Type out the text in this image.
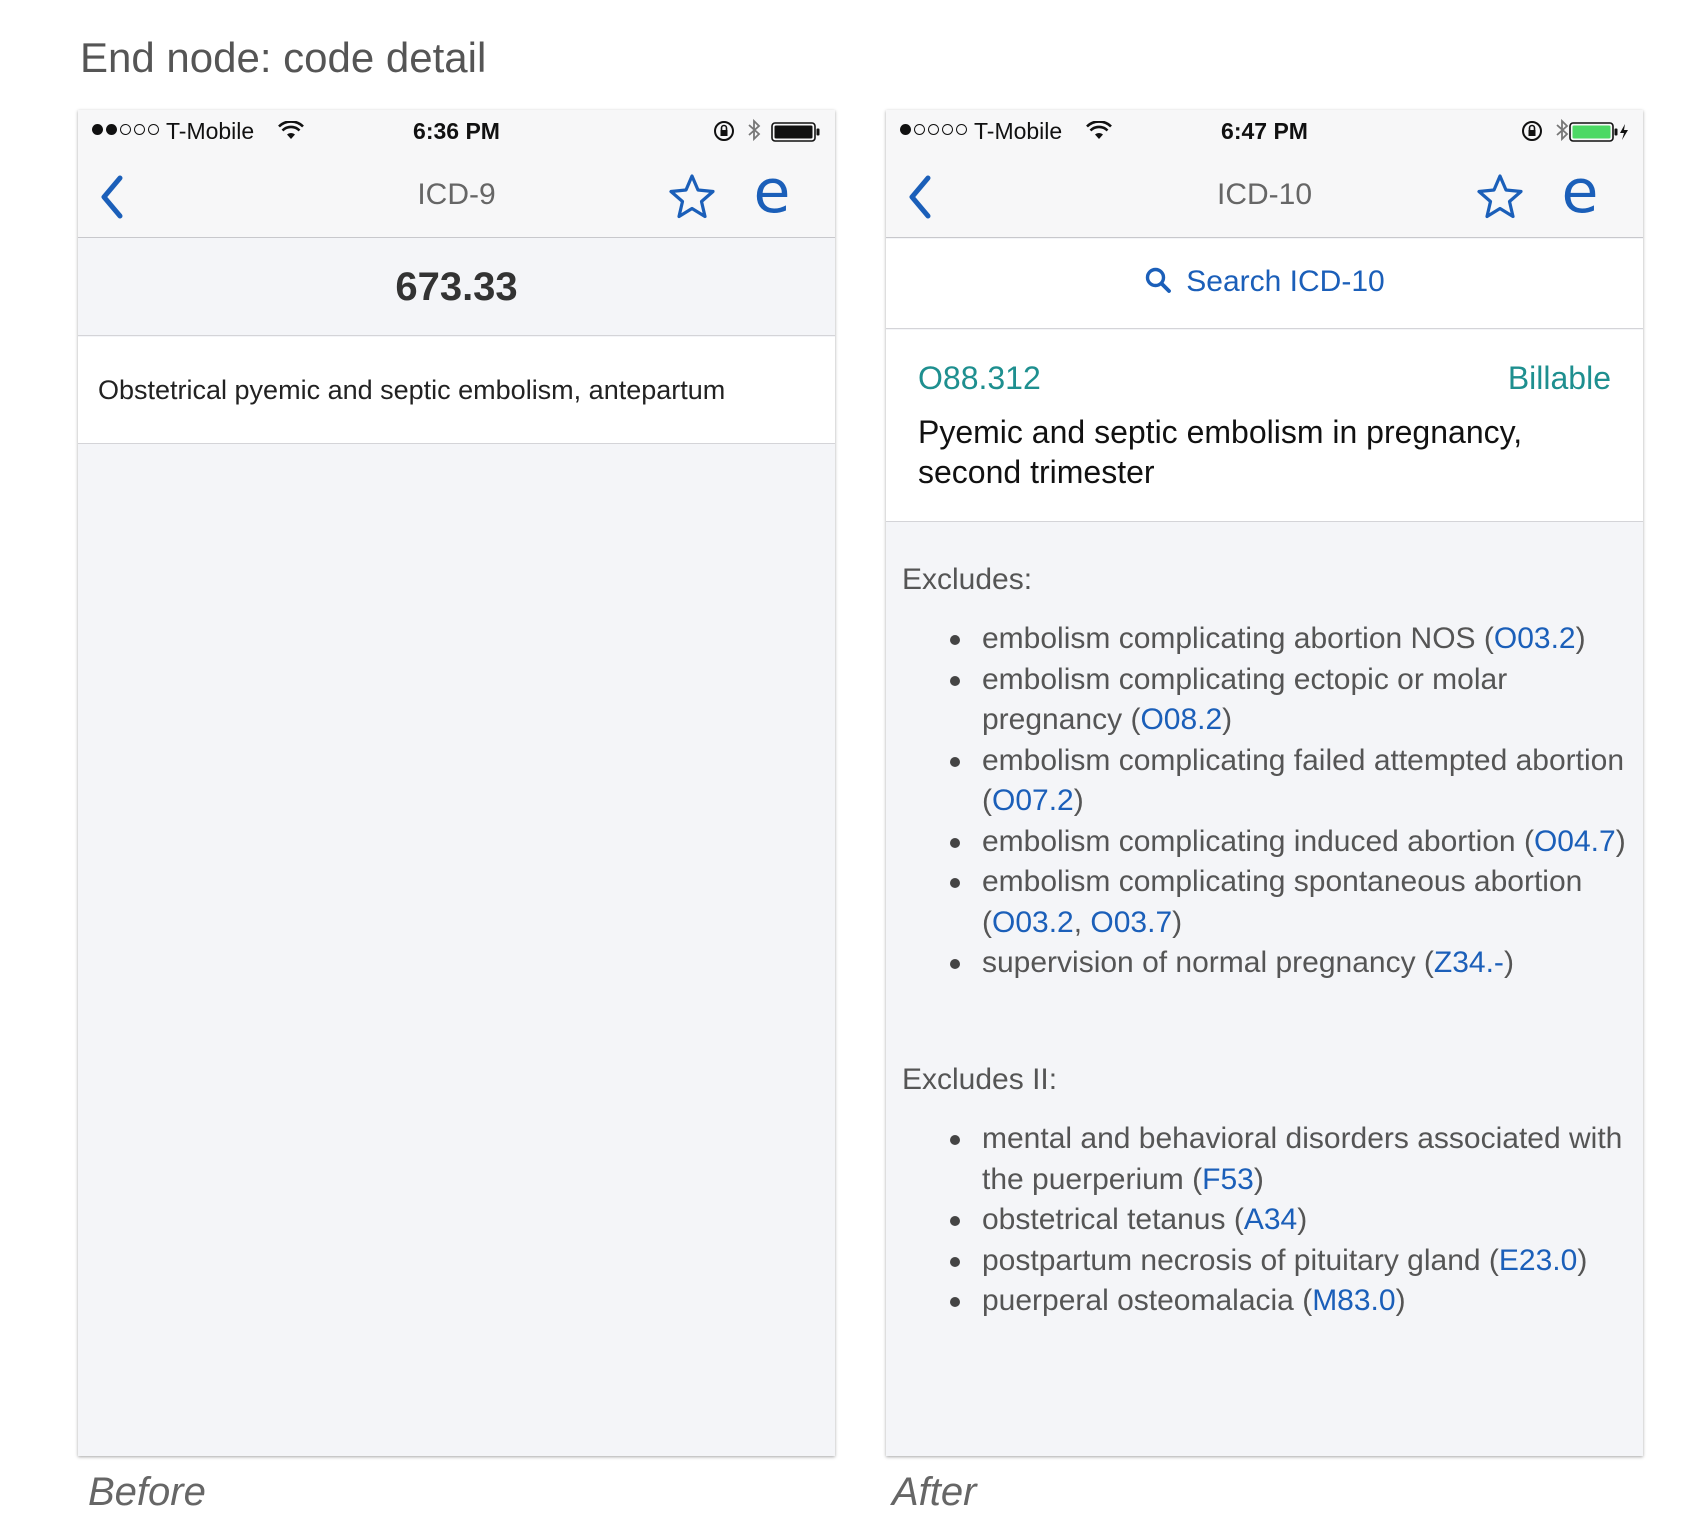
End node: code detail
T-Mobile	6:36 PM
ICD-9	e
673.33
Obstetrical pyemic and septic embolism, antepartum
T-Mobile	6:47 PM
ICD-10	e
Search ICD-10
O88.312	Billable
Pyemic and septic embolism in pregnancy, second trimester
Excludes:
embolism complicating abortion NOS (O03.2)
embolism complicating ectopic or molar pregnancy (O08.2)
embolism complicating failed attempted abortion (O07.2)
embolism complicating induced abortion (O04.7)
embolism complicating spontaneous abortion (O03.2, O03.7)
supervision of normal pregnancy (Z34.-)
Excludes II:
mental and behavioral disorders associated with the puerperium (F53)
obstetrical tetanus (A34)
postpartum necrosis of pituitary gland (E23.0)
puerperal osteomalacia (M83.0)
Before	After
